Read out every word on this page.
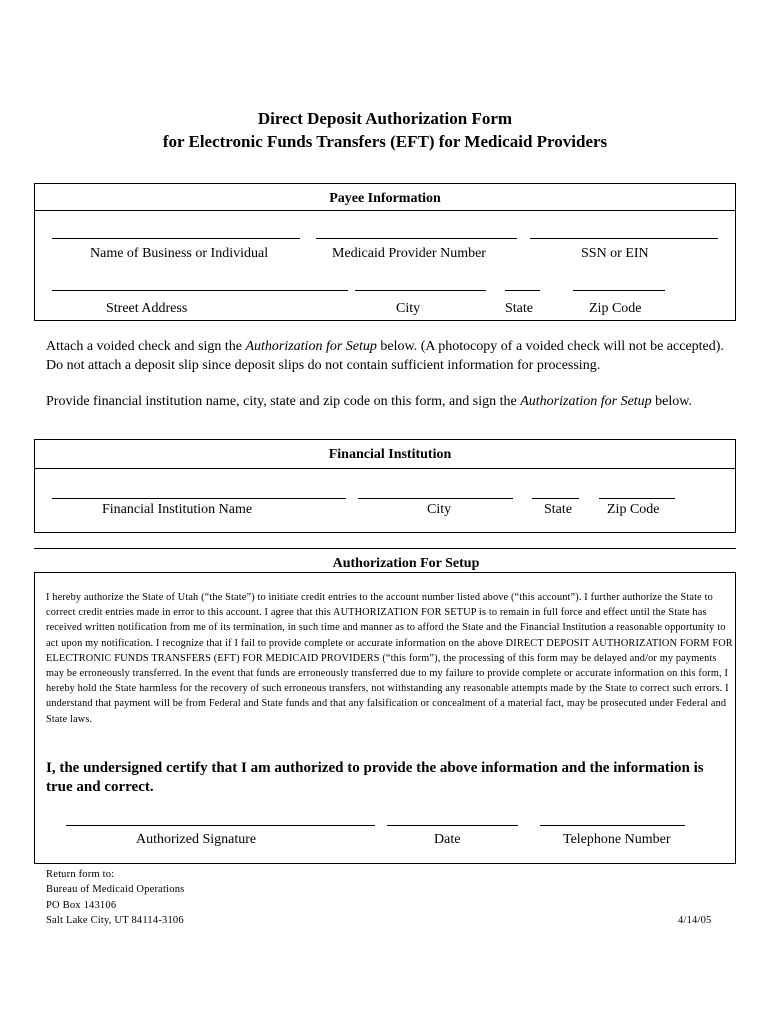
Direct Deposit Authorization Form
for Electronic Funds Transfers (EFT) for Medicaid Providers
Payee Information
Name of Business or Individual	Medicaid Provider Number	SSN or EIN
Street Address	City	State	Zip Code
Attach a voided check and sign the Authorization for Setup below. (A photocopy of a voided check will not be accepted). Do not attach a deposit slip since deposit slips do not contain sufficient information for processing.
Provide financial institution name, city, state and zip code on this form, and sign the Authorization for Setup below.
Financial Institution
Financial Institution Name	City	State	Zip Code
Authorization For Setup
I hereby authorize the State of Utah (“the State”) to initiate credit entries to the account number listed above (“this account”). I further authorize the State to correct credit entries made in error to this account. I agree that this AUTHORIZATION FOR SETUP is to remain in full force and effect until the State has received written notification from me of its termination, in such time and manner as to afford the State and the Financial Institution a reasonable opportunity to act upon my notification. I recognize that if I fail to provide complete or accurate information on the above DIRECT DEPOSIT AUTHORIZATION FORM FOR ELECTRONIC FUNDS TRANSFERS (EFT) FOR MEDICAID PROVIDERS (“this form”), the processing of this form may be delayed and/or my payments may be erroneously transferred. In the event that funds are erroneously transferred due to my failure to provide complete or accurate information on this form, I hereby hold the State harmless for the recovery of such erroneous transfers, not withstanding any reasonable attempts made by the State to correct such errors. I understand that payment will be from Federal and State funds and that any falsification or concealment of a material fact, may be prosecuted under Federal and State laws.
I, the undersigned certify that I am authorized to provide the above information and the information is true and correct.
Authorized Signature	Date	Telephone Number
Return form to:
Bureau of Medicaid Operations
PO Box 143106
Salt Lake City, UT 84114-3106	4/14/05
